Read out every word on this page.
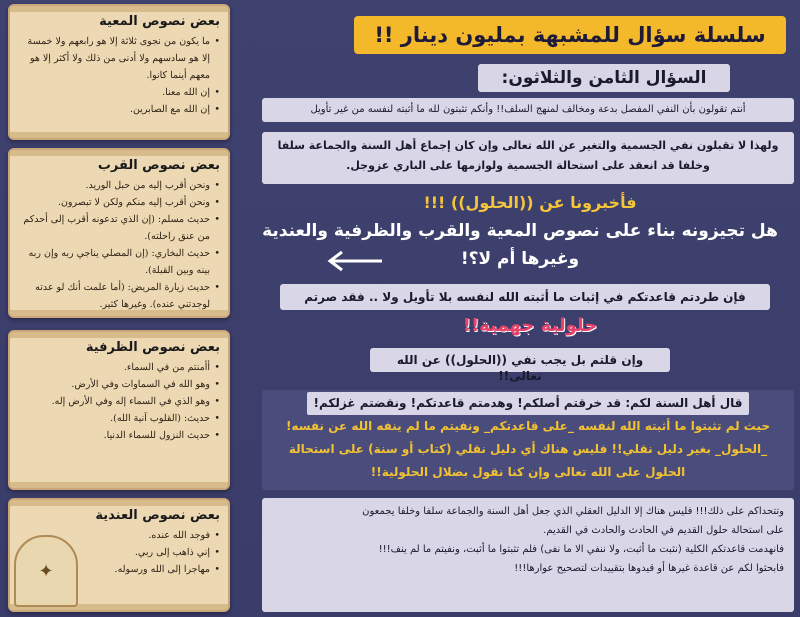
بعض نصوص المعية
• ما يكون من نجوى ثلاثة إلا هو رابعهم ولا خمسة إلا هو سادسهم ولا أدنى من ذلك ولا أكثر إلا هو معهم أينما كانوا.
• إن الله معنا.
• إن الله مع الصابرين.
بعض نصوص القرب
• ونحن أقرب إليه من حبل الوريد.
• ونحن أقرب إليه منكم ولكن لا تبصرون.
• حديث مسلم: (إن الذي تدعونه أقرب إلى أحدكم من عنق راحلته).
• حديث البخاري: (إن المصلي يناجي ربه وإن ربه بينه وبين القبلة).
• حديث زيارة المريض: (أما علمت أنك لو عدته لوجدتني عنده). وغيرها كثير.
بعض نصوص الظرفية
• أأمنتم من في السماء.
• وهو الله في السماوات وفي الأرض.
• وهو الذي في السماء إله وفي الأرض إله.
• حديث: (القلوب آنية الله).
• حديث النزول للسماء الدنيا.
بعض نصوص العندية
• فوجد الله عنده.
• إني ذاهب إلى ربي.
• مهاجرا إلى الله ورسوله.
✦
سلسلة سؤال للمشبهة بمليون دينار !!
السؤال الثامن والثلاثون:
أنتم تقولون بأن النفي المفصل بدعة ومخالف لمنهج السلف!! وأنكم تثبتون لله ما أثبته لنفسه من غير تأويل
ولهذا لا تقبلون نفي الجسمية والتغير عن الله تعالى وإن كان إجماع أهل السنة والجماعة سلفا وخلفا قد انعقد على استحالة الجسمية ولوازمها على الباري عزوجل.
فأخبرونا عن ((الحلول)) !!!
هل تجيزونه بناء على نصوص المعية والقرب والظرفية والعندية وغيرها أم لا؟!
فإن طردتم قاعدتكم في إثبات ما أثبته الله لنفسه بلا تأويل ولا .. فقد صرتم
حلولية جهمية!!
وإن قلتم بل يجب نفي ((الحلول)) عن الله تعالى!!
قال أهل السنة لكم: قد خرقتم أصلكم! وهدمتم قاعدتكم! ونقضتم غزلكم!
حيث لم تثبتوا ما أثبته الله لنفسه _على قاعدتكم_ ونفيتم ما لم ينفه الله عن نفسه! _الحلول_ بغير دليل نقلي!! فليس هناك أي دليل نقلي (كتاب أو سنة) على استحالة الحلول على الله تعالى وإن كنا نقول بضلال الحلولية!!
وتتحداكم على ذلك!!! فليس هناك إلا الدليل العقلي الذي جعل أهل السنة والجماعة سلفا وخلفا يجمعون
على استحالة حلول القديم في الحادث والحادث في القديم.
فانهدمت قاعدتكم الكلية (نثبت ما أثبت، ولا ننفي الا ما نفى) فلم تثبتوا ما أثبت، ونفيتم ما لم ينف!!!
فابحثوا لكم عن قاعدة غيرها أو قيدوها بتقييدات لتصحيح عوارها!!!
